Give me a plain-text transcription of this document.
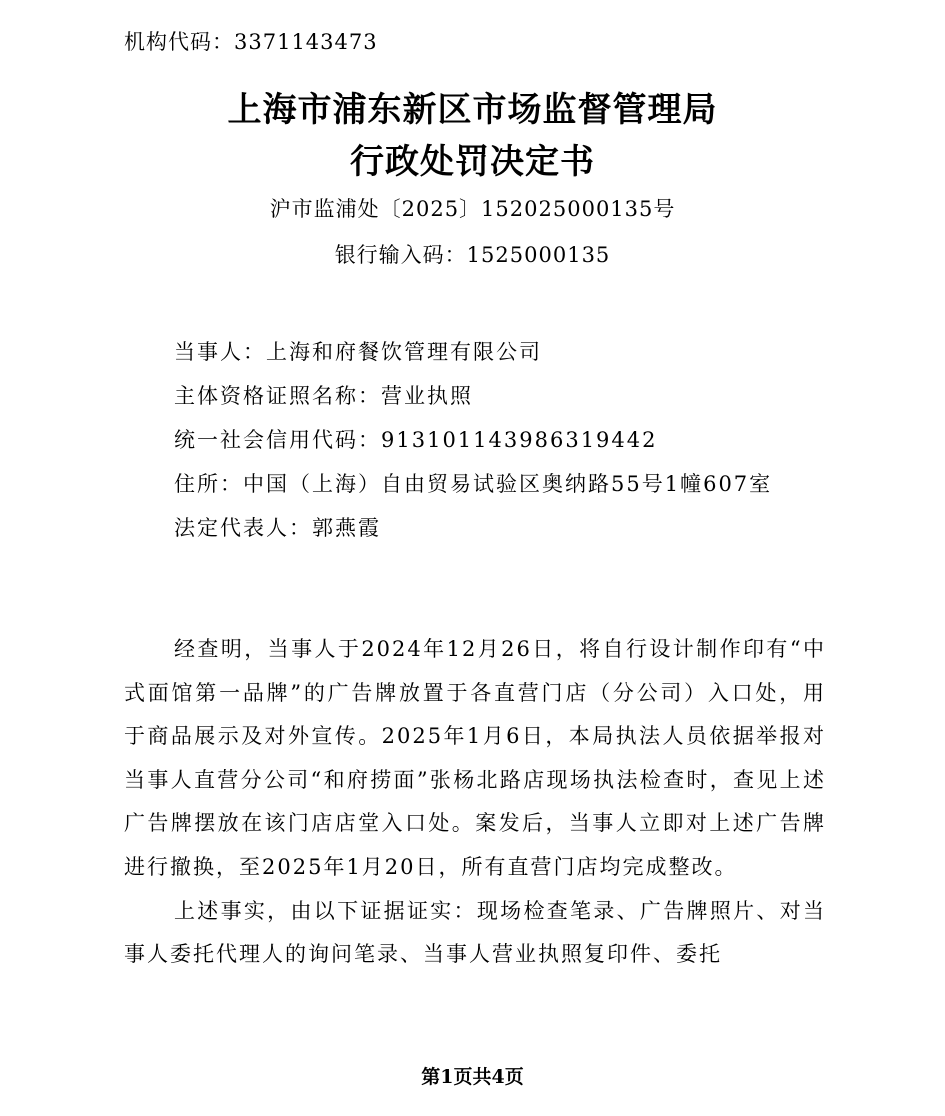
机构代码：3371143473
上海市浦东新区市场监督管理局
行政处罚决定书
沪市监浦处〔2025〕152025000135号
银行输入码：1525000135
当事人：上海和府餐饮管理有限公司
主体资格证照名称：营业执照
统一社会信用代码：913101143986319442
住所：中国（上海）自由贸易试验区奥纳路55号1幢607室
法定代表人：郭燕霞

经查明，当事人于2024年12月26日，将自行设计制作印有“中式面馆第一品牌”的广告牌放置于各直营门店（分公司）入口处，用于商品展示及对外宣传。2025年1月6日，本局执法人员依据举报对当事人直营分公司“和府捞面”张杨北路店现场执法检查时，查见上述广告牌摆放在该门店店堂入口处。案发后，当事人立即对上述广告牌进行撤换，至2025年1月20日，所有直营门店均完成整改。

上述事实，由以下证据证实：现场检查笔录、广告牌照片、对当事人委托代理人的询问笔录、当事人营业执照复印件、委托

第1页共4页
